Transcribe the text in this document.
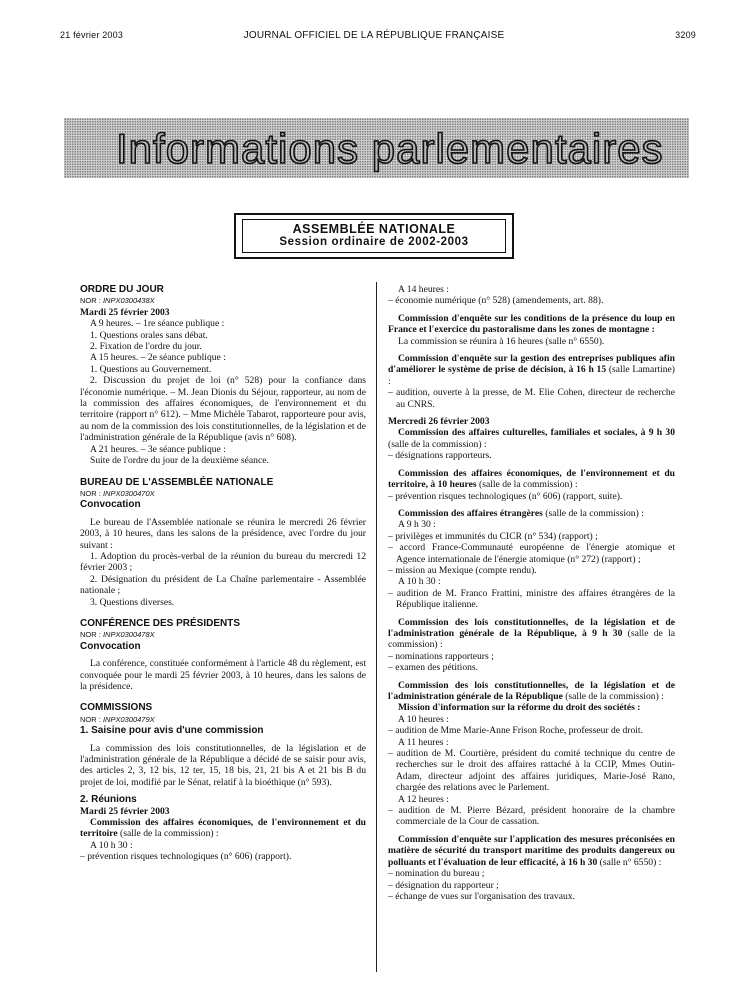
21 février 2003	JOURNAL OFFICIEL DE LA RÉPUBLIQUE FRANÇAISE	3209
Informations parlementaires
ASSEMBLÉE NATIONALE
Session ordinaire de 2002-2003

ORDRE DU JOUR

NOR : INPX0300438X

Mardi 25 février 2003

A 9 heures. – 1re séance publique :

1. Questions orales sans débat.

2. Fixation de l'ordre du jour.

A 15 heures. – 2e séance publique :

1. Questions au Gouvernement.

2. Discussion du projet de loi (n° 528) pour la confiance dans l'économie numérique. – M. Jean Dionis du Séjour, rapporteur, au nom de la commission des affaires économiques, de l'environnement et du territoire (rapport n° 612). – Mme Michèle Tabarot, rapporteure pour avis, au nom de la commission des lois constitutionnelles, de la législation et de l'administration générale de la République (avis n° 608).

A 21 heures. – 3e séance publique :

Suite de l'ordre du jour de la deuxième séance.

BUREAU DE L'ASSEMBLÉE NATIONALE

NOR : INPX0300470X

Convocation

Le bureau de l'Assemblée nationale se réunira le mercredi 26 février 2003, à 10 heures, dans les salons de la présidence, avec l'ordre du jour suivant :

1. Adoption du procès-verbal de la réunion du bureau du mercredi 12 février 2003 ;

2. Désignation du président de La Chaîne parlementaire - Assemblée nationale ;

3. Questions diverses.

CONFÉRENCE DES PRÉSIDENTS

NOR : INPX0300478X

Convocation

La conférence, constituée conformément à l'article 48 du règlement, est convoquée pour le mardi 25 février 2003, à 10 heures, dans les salons de la présidence.

COMMISSIONS

NOR : INPX0300479X

1. Saisine pour avis d'une commission

La commission des lois constitutionnelles, de la législation et de l'administration générale de la République a décidé de se saisir pour avis, des articles 2, 3, 12 bis, 12 ter, 15, 18 bis, 21, 21 bis A et 21 bis B du projet de loi, modifié par le Sénat, relatif à la bioéthique (n° 593).

2. Réunions

Mardi 25 février 2003

Commission des affaires économiques, de l'environnement et du territoire (salle de la commission) :

A 10 h 30 :

– prévention risques technologiques (n° 606) (rapport).

A 14 heures :

– économie numérique (n° 528) (amendements, art. 88).

Commission d'enquête sur les conditions de la présence du loup en France et l'exercice du pastoralisme dans les zones de montagne :

La commission se réunira à 16 heures (salle n° 6550).

Commission d'enquête sur la gestion des entreprises publiques afin d'améliorer le système de prise de décision, à 16 h 15 (salle Lamartine) :

– audition, ouverte à la presse, de M. Elie Cohen, directeur de recherche au CNRS.

Mercredi 26 février 2003

Commission des affaires culturelles, familiales et sociales, à 9 h 30 (salle de la commission) :

– désignations rapporteurs.

Commission des affaires économiques, de l'environnement et du territoire, à 10 heures (salle de la commission) :

– prévention risques technologiques (n° 606) (rapport, suite).

Commission des affaires étrangères (salle de la commission) :

A 9 h 30 :

– privilèges et immunités du CICR (n° 534) (rapport) ;

– accord France-Communauté européenne de l'énergie atomique et Agence internationale de l'énergie atomique (n° 272) (rapport) ;

– mission au Mexique (compte rendu).

A 10 h 30 :

– audition de M. Franco Frattini, ministre des affaires étrangères de la République italienne.

Commission des lois constitutionnelles, de la législation et de l'administration générale de la République, à 9 h 30 (salle de la commission) :

– nominations rapporteurs ;

– examen des pétitions.

Commission des lois constitutionnelles, de la législation et de l'administration générale de la République (salle de la commission) :

Mission d'information sur la réforme du droit des sociétés :

A 10 heures :

– audition de Mme Marie-Anne Frison Roche, professeur de droit.

A 11 heures :

– audition de M. Courtière, président du comité technique du centre de recherches sur le droit des affaires rattaché à la CCIP, Mmes Outin-Adam, directeur adjoint des affaires juridiques, Marie-José Rano, chargée des relations avec le Parlement.

A 12 heures :

– audition de M. Pierre Bézard, président honoraire de la chambre commerciale de la Cour de cassation.

Commission d'enquête sur l'application des mesures préconisées en matière de sécurité du transport maritime des produits dangereux ou polluants et l'évaluation de leur efficacité, à 16 h 30 (salle n° 6550) :

– nomination du bureau ;

– désignation du rapporteur ;

– échange de vues sur l'organisation des travaux.
